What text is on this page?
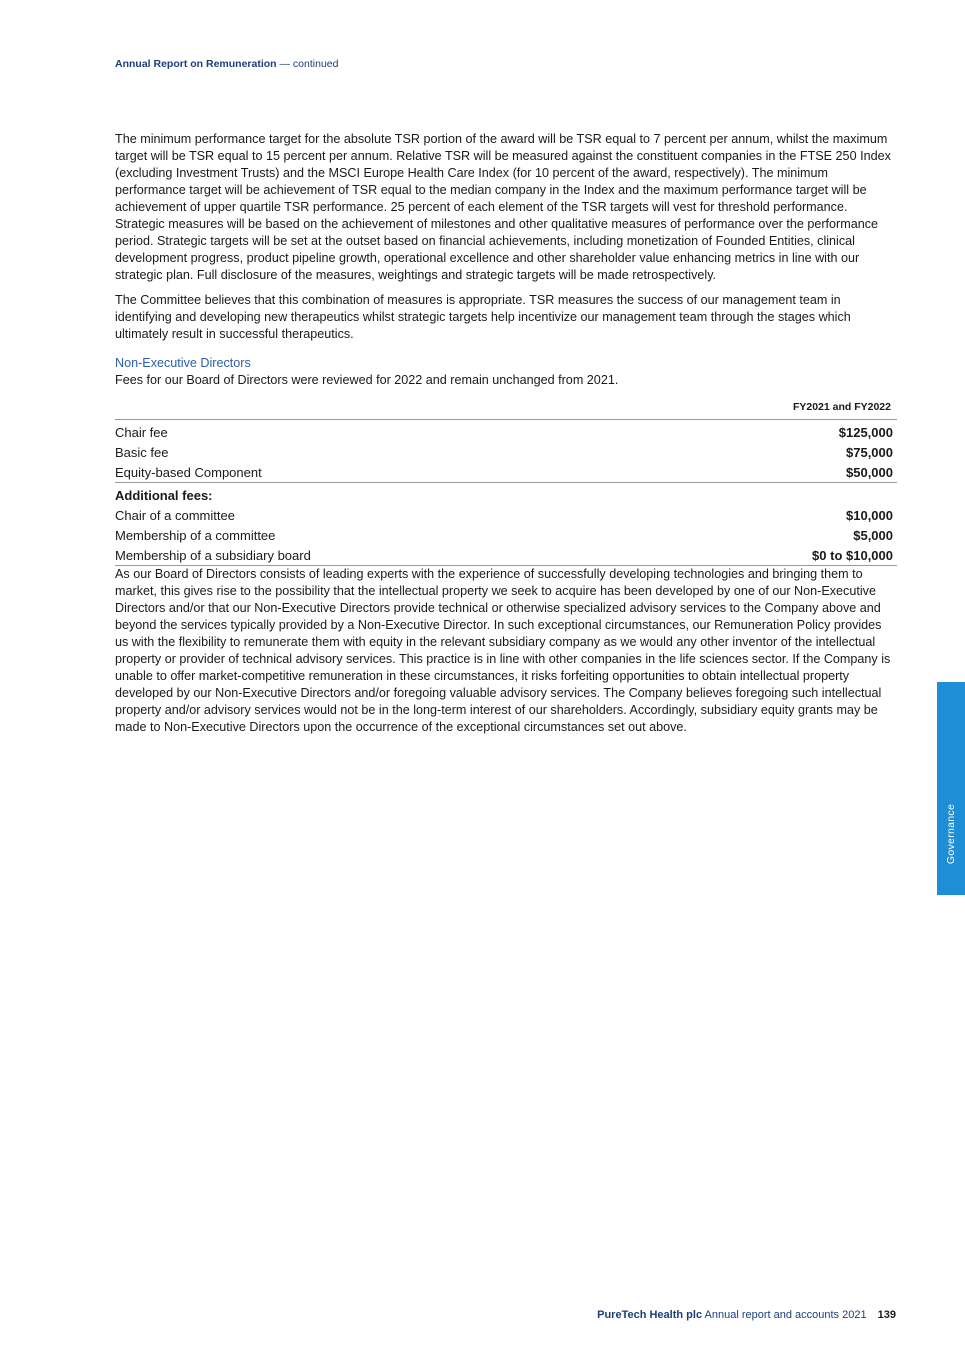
Annual Report on Remuneration — continued

The minimum performance target for the absolute TSR portion of the award will be TSR equal to 7 percent per annum, whilst the maximum target will be TSR equal to 15 percent per annum. Relative TSR will be measured against the constituent companies in the FTSE 250 Index (excluding Investment Trusts) and the MSCI Europe Health Care Index (for 10 percent of the award, respectively). The minimum performance target will be achievement of TSR equal to the median company in the Index and the maximum performance target will be achievement of upper quartile TSR performance. 25 percent of each element of the TSR targets will vest for threshold performance. Strategic measures will be based on the achievement of milestones and other qualitative measures of performance over the performance period. Strategic targets will be set at the outset based on financial achievements, including monetization of Founded Entities, clinical development progress, product pipeline growth, operational excellence and other shareholder value enhancing metrics in line with our strategic plan. Full disclosure of the measures, weightings and strategic targets will be made retrospectively.

The Committee believes that this combination of measures is appropriate. TSR measures the success of our management team in identifying and developing new therapeutics whilst strategic targets help incentivize our management team through the stages which ultimately result in successful therapeutics.

Non-Executive Directors

Fees for our Board of Directors were reviewed for 2022 and remain unchanged from 2021.

FY2021 and FY2022	
Chair fee	$125,000
Basic fee	$75,000
Equity-based Component	$50,000
Additional fees:	
Chair of a committee	$10,000
Membership of a committee	$5,000
Membership of a subsidiary board	$0 to $10,000

As our Board of Directors consists of leading experts with the experience of successfully developing technologies and bringing them to market, this gives rise to the possibility that the intellectual property we seek to acquire has been developed by one of our Non-Executive Directors and/or that our Non-Executive Directors provide technical or otherwise specialized advisory services to the Company above and beyond the services typically provided by a Non-Executive Director. In such exceptional circumstances, our Remuneration Policy provides us with the flexibility to remunerate them with equity in the relevant subsidiary company as we would any other inventor of the intellectual property or provider of technical advisory services. This practice is in line with other companies in the life sciences sector. If the Company is unable to offer market-competitive remuneration in these circumstances, it risks forfeiting opportunities to obtain intellectual property developed by our Non-Executive Directors and/or foregoing valuable advisory services. The Company believes foregoing such intellectual property and/or advisory services would not be in the long-term interest of our shareholders. Accordingly, subsidiary equity grants may be made to Non-Executive Directors upon the occurrence of the exceptional circumstances set out above.

Governance
PureTech Health plc Annual report and accounts 2021 139
